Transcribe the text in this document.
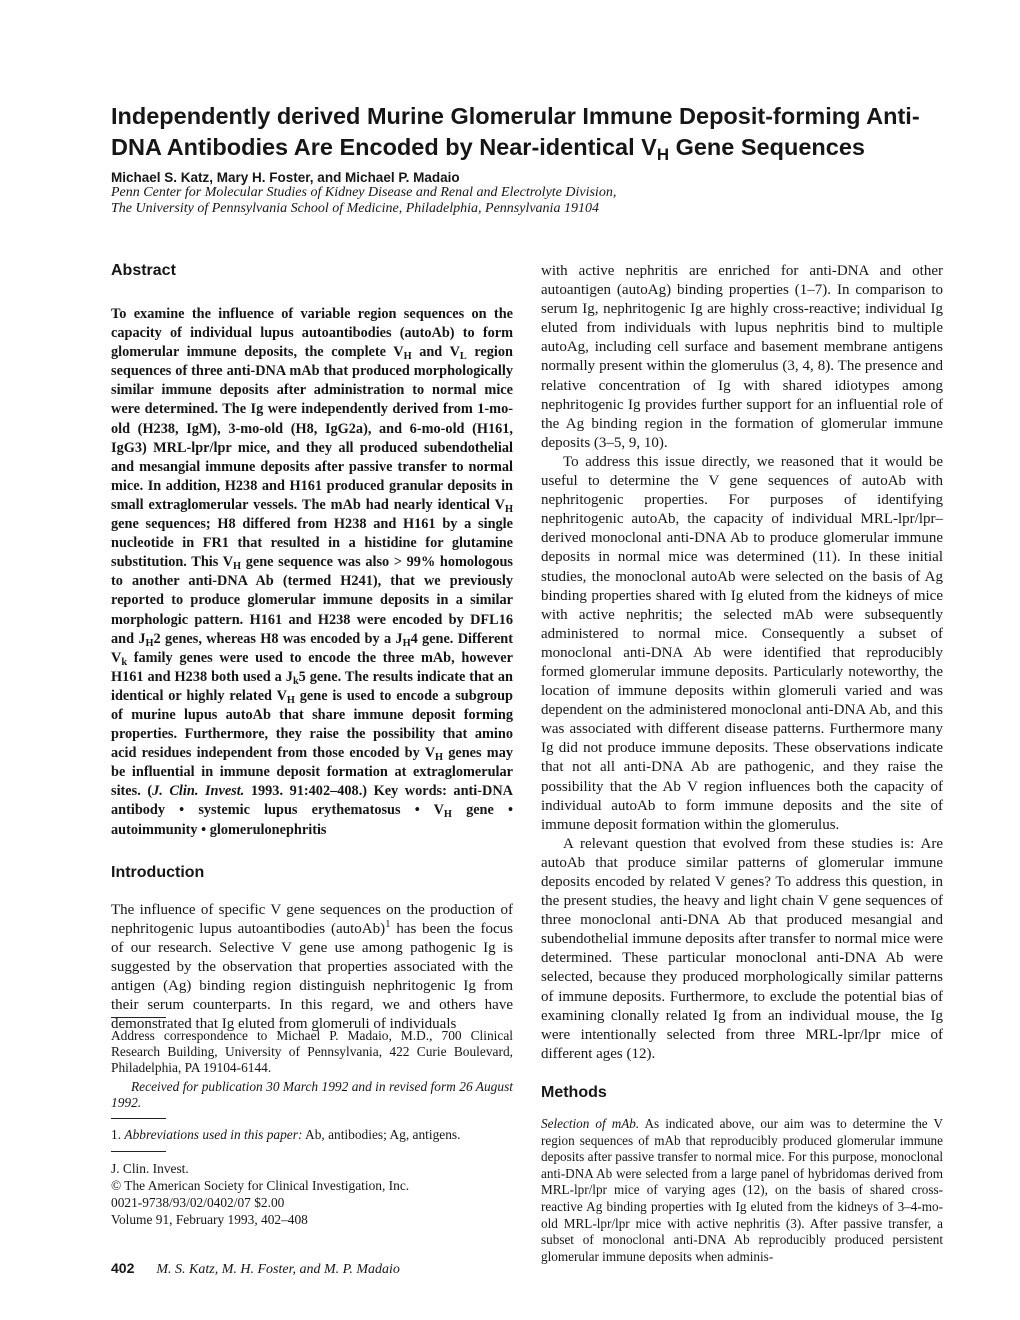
Independently derived Murine Glomerular Immune Deposit-forming Anti-DNA Antibodies Are Encoded by Near-identical $V_H$ Gene Sequences
Michael S. Katz, Mary H. Foster, and Michael P. Madaio
Penn Center for Molecular Studies of Kidney Disease and Renal and Electrolyte Division,
The University of Pennsylvania School of Medicine, Philadelphia, Pennsylvania 19104
Abstract

To examine the influence of variable region sequences on the capacity of individual lupus autoantibodies (autoAb) to form glomerular immune deposits, the complete $V_H$ and $V_L$ region sequences of three anti-DNA mAb that produced morphologically similar immune deposits after administration to normal mice were determined. The Ig were independently derived from 1-mo-old (H238, IgM), 3-mo-old (H8, IgG2a), and 6-mo-old (H161, IgG3) MRL-lpr/lpr mice, and they all produced subendothelial and mesangial immune deposits after passive transfer to normal mice. In addition, H238 and H161 produced granular deposits in small extraglomerular vessels. The mAb had nearly identical $V_H$ gene sequences; H8 differed from H238 and H161 by a single nucleotide in FR1 that resulted in a histidine for glutamine substitution. This $V_H$ gene sequence was also > 99% homologous to another anti-DNA Ab (termed H241), that we previously reported to produce glomerular immune deposits in a similar morphologic pattern. H161 and H238 were encoded by DFL16 and $J_H2$ genes, whereas H8 was encoded by a $J_H4$ gene. Different $V_k$ family genes were used to encode the three mAb, however H161 and H238 both used a $J_k5$ gene. The results indicate that an identical or highly related $V_H$ gene is used to encode a subgroup of murine lupus autoAb that share immune deposit forming properties. Furthermore, they raise the possibility that amino acid residues independent from those encoded by $V_H$ genes may be influential in immune deposit formation at extraglomerular sites. (J. Clin. Invest. 1993. 91:402–408.) Key words: anti-DNA antibody • systemic lupus erythematosus • $V_H$ gene • autoimmunity • glomerulonephritis

Introduction

The influence of specific V gene sequences on the production of nephritogenic lupus autoantibodies (autoAb)$^1$ has been the focus of our research. Selective V gene use among pathogenic Ig is suggested by the observation that properties associated with the antigen (Ag) binding region distinguish nephritogenic Ig from their serum counterparts. In this regard, we and others have demonstrated that Ig eluted from glomeruli of individuals

Address correspondence to Michael P. Madaio, M.D., 700 Clinical Research Building, University of Pennsylvania, 422 Curie Boulevard, Philadelphia, PA 19104-6144.

Received for publication 30 March 1992 and in revised form 26 August 1992.

1. Abbreviations used in this paper: Ab, antibodies; Ag, antigens.

J. Clin. Invest.

© The American Society for Clinical Investigation, Inc.

0021-9738/93/02/0402/07 $2.00

Volume 91, February 1993, 402–408

with active nephritis are enriched for anti-DNA and other autoantigen (autoAg) binding properties (1–7). In comparison to serum Ig, nephritogenic Ig are highly cross-reactive; individual Ig eluted from individuals with lupus nephritis bind to multiple autoAg, including cell surface and basement membrane antigens normally present within the glomerulus (3, 4, 8). The presence and relative concentration of Ig with shared idiotypes among nephritogenic Ig provides further support for an influential role of the Ag binding region in the formation of glomerular immune deposits (3–5, 9, 10).

To address this issue directly, we reasoned that it would be useful to determine the V gene sequences of autoAb with nephritogenic properties. For purposes of identifying nephritogenic autoAb, the capacity of individual MRL-lpr/lpr–derived monoclonal anti-DNA Ab to produce glomerular immune deposits in normal mice was determined (11). In these initial studies, the monoclonal autoAb were selected on the basis of Ag binding properties shared with Ig eluted from the kidneys of mice with active nephritis; the selected mAb were subsequently administered to normal mice. Consequently a subset of monoclonal anti-DNA Ab were identified that reproducibly formed glomerular immune deposits. Particularly noteworthy, the location of immune deposits within glomeruli varied and was dependent on the administered monoclonal anti-DNA Ab, and this was associated with different disease patterns. Furthermore many Ig did not produce immune deposits. These observations indicate that not all anti-DNA Ab are pathogenic, and they raise the possibility that the Ab V region influences both the capacity of individual autoAb to form immune deposits and the site of immune deposit formation within the glomerulus.

A relevant question that evolved from these studies is: Are autoAb that produce similar patterns of glomerular immune deposits encoded by related V genes? To address this question, in the present studies, the heavy and light chain V gene sequences of three monoclonal anti-DNA Ab that produced mesangial and subendothelial immune deposits after transfer to normal mice were determined. These particular monoclonal anti-DNA Ab were selected, because they produced morphologically similar patterns of immune deposits. Furthermore, to exclude the potential bias of examining clonally related Ig from an individual mouse, the Ig were intentionally selected from three MRL-lpr/lpr mice of different ages (12).

Methods

Selection of mAb. As indicated above, our aim was to determine the V region sequences of mAb that reproducibly produced glomerular immune deposits after passive transfer to normal mice. For this purpose, monoclonal anti-DNA Ab were selected from a large panel of hybridomas derived from MRL-lpr/lpr mice of varying ages (12), on the basis of shared cross-reactive Ag binding properties with Ig eluted from the kidneys of 3–4-mo-old MRL-lpr/lpr mice with active nephritis (3). After passive transfer, a subset of monoclonal anti-DNA Ab reproducibly produced persistent glomerular immune deposits when adminis-

402 M. S. Katz, M. H. Foster, and M. P. Madaio
